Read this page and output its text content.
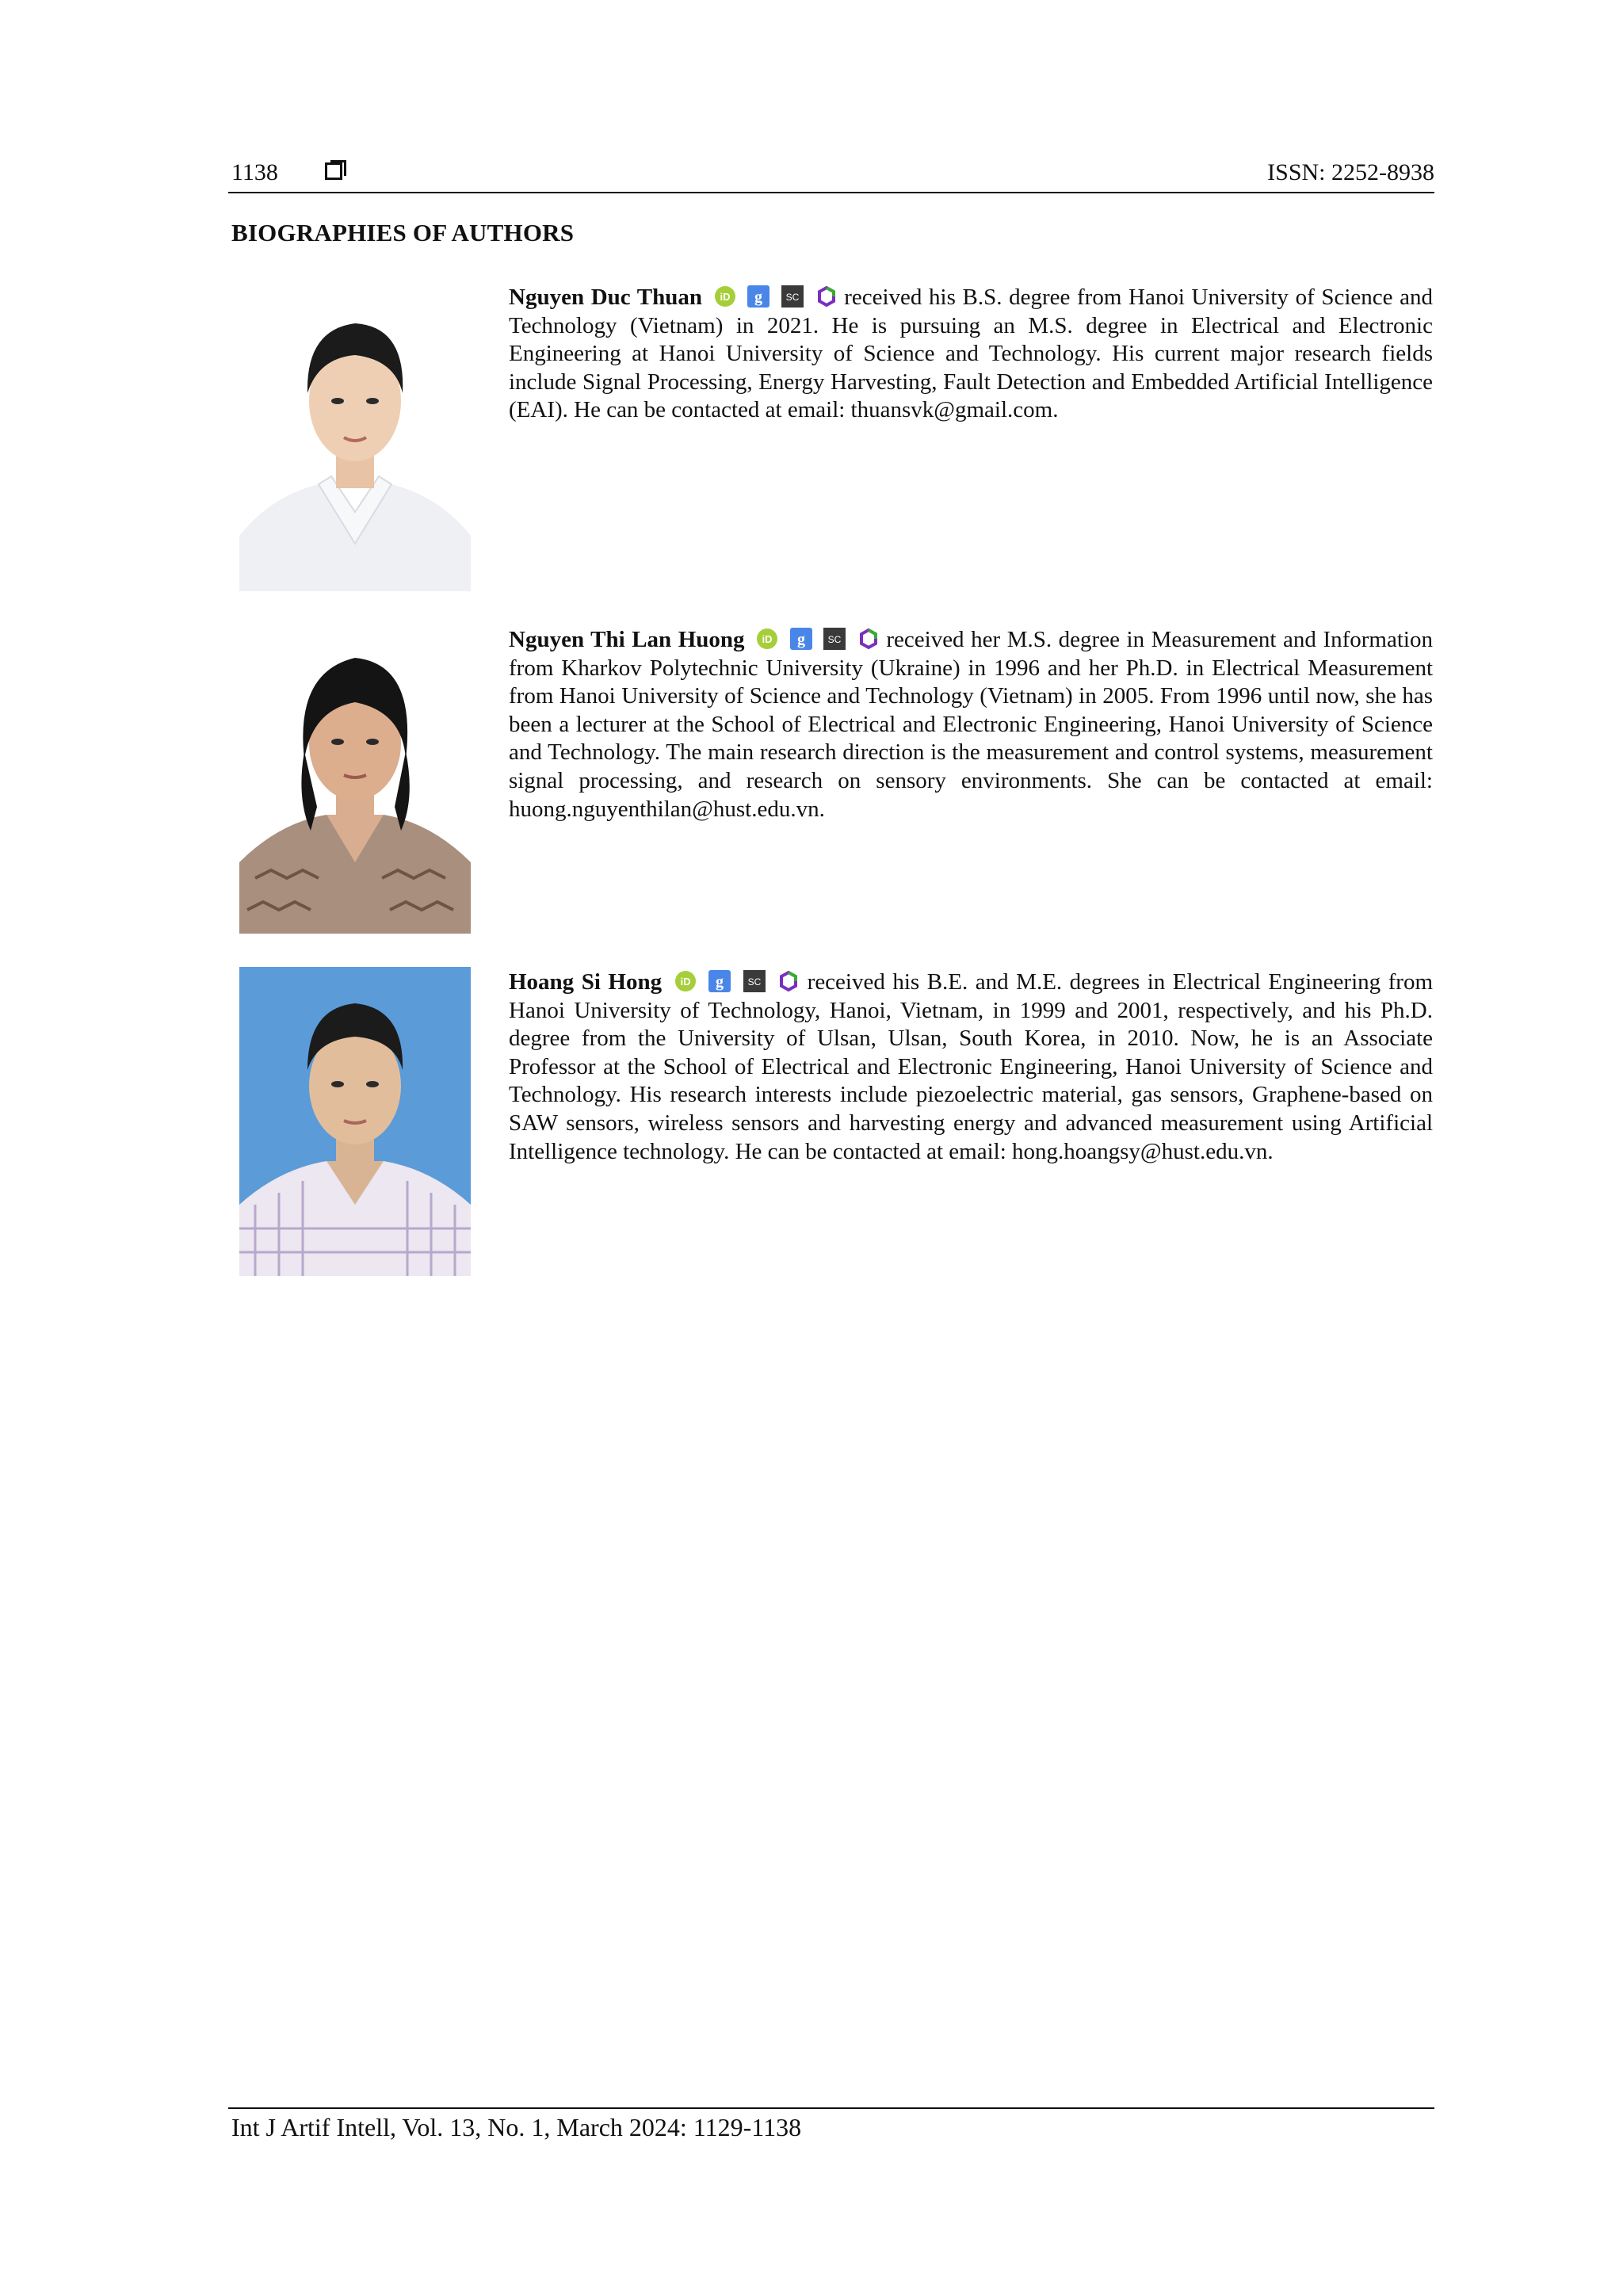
1138	ISSN: 2252-8938
BIOGRAPHIES OF AUTHORS
Nguyen Duc Thuan iD
g
SC
received his B.S. degree from Hanoi University of Science and Technology (Vietnam) in 2021. He is pursuing an M.S. degree in Electrical and Electronic Engineering at Hanoi University of Science and Technology. His current major research fields include Signal Processing, Energy Harvesting, Fault Detection and Embedded Artificial Intelligence (EAI). He can be contacted at email: thuansvk@gmail.com.
Nguyen Thi Lan Huong iD
g
SC
received her M.S. degree in Measurement and Information from Kharkov Polytechnic University (Ukraine) in 1996 and her Ph.D. in Electrical Measurement from Hanoi University of Science and Technology (Vietnam) in 2005. From 1996 until now, she has been a lecturer at the School of Electrical and Electronic Engineering, Hanoi University of Science and Technology. The main research direction is the measurement and control systems, measurement signal processing, and research on sensory environments. She can be contacted at email: huong.nguyenthilan@hust.edu.vn.
Hoang Si Hong iD
g
	SC
received his B.E. and M.E. degrees in Electrical Engineering from Hanoi University of Technology, Hanoi, Vietnam, in 1999 and 2001, respectively, and his Ph.D. degree from the University of Ulsan, Ulsan, South Korea, in 2010. Now, he is an Associate Professor at the School of Electrical and Electronic Engineering, Hanoi University of Science and Technology. His research interests include piezoelectric material, gas sensors, Graphene-based on SAW sensors, wireless sensors and harvesting energy and advanced measurement using Artificial Intelligence technology. He can be contacted at email: hong.hoangsy@hust.edu.vn.
Int J Artif Intell, Vol. 13, No. 1, March 2024: 1129-1138
